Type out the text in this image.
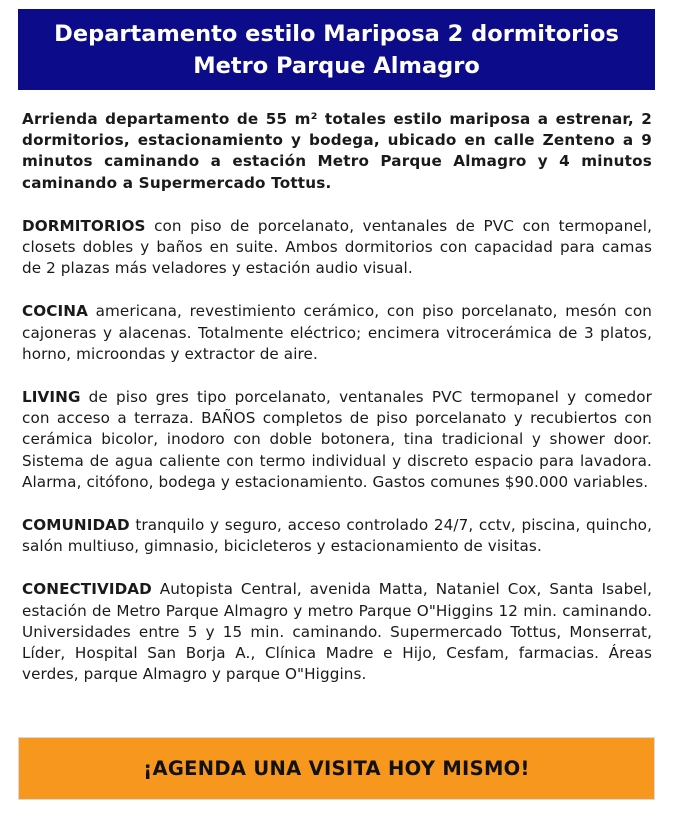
Departamento estilo Mariposa 2 dormitorios Metro Parque Almagro

Arrienda departamento de 55 m² totales estilo mariposa a estrenar, 2 dormitorios, estacionamiento y bodega, ubicado en calle Zenteno a 9 minutos caminando a estación Metro Parque Almagro y 4 minutos caminando a Supermercado Tottus.

DORMITORIOS con piso de porcelanato, ventanales de PVC con termopanel, closets dobles y baños en suite. Ambos dormitorios con capacidad para camas de 2 plazas más veladores y estación audio visual.

COCINA americana, revestimiento cerámico, con piso porcelanato, mesón con cajoneras y alacenas. Totalmente eléctrico; encimera vitrocerámica de 3 platos, horno, microondas y extractor de aire.

LIVING de piso gres tipo porcelanato, ventanales PVC termopanel y comedor con acceso a terraza. BAÑOS completos de piso porcelanato y recubiertos con cerámica bicolor, inodoro con doble botonera, tina tradicional y shower door. Sistema de agua caliente con termo individual y discreto espacio para lavadora. Alarma, citófono, bodega y estacionamiento. Gastos comunes $90.000 variables.

COMUNIDAD tranquilo y seguro, acceso controlado 24/7, cctv, piscina, quincho, salón multiuso, gimnasio, bicicleteros y estacionamiento de visitas.

CONECTIVIDAD Autopista Central, avenida Matta, Nataniel Cox, Santa Isabel, estación de Metro Parque Almagro y metro Parque O"Higgins 12 min. caminando. Universidades entre 5 y 15 min. caminando. Supermercado Tottus, Monserrat, Líder, Hospital San Borja A., Clínica Madre e Hijo, Cesfam, farmacias. Áreas verdes, parque Almagro y parque O"Higgins.

¡AGENDA UNA VISITA HOY MISMO!
